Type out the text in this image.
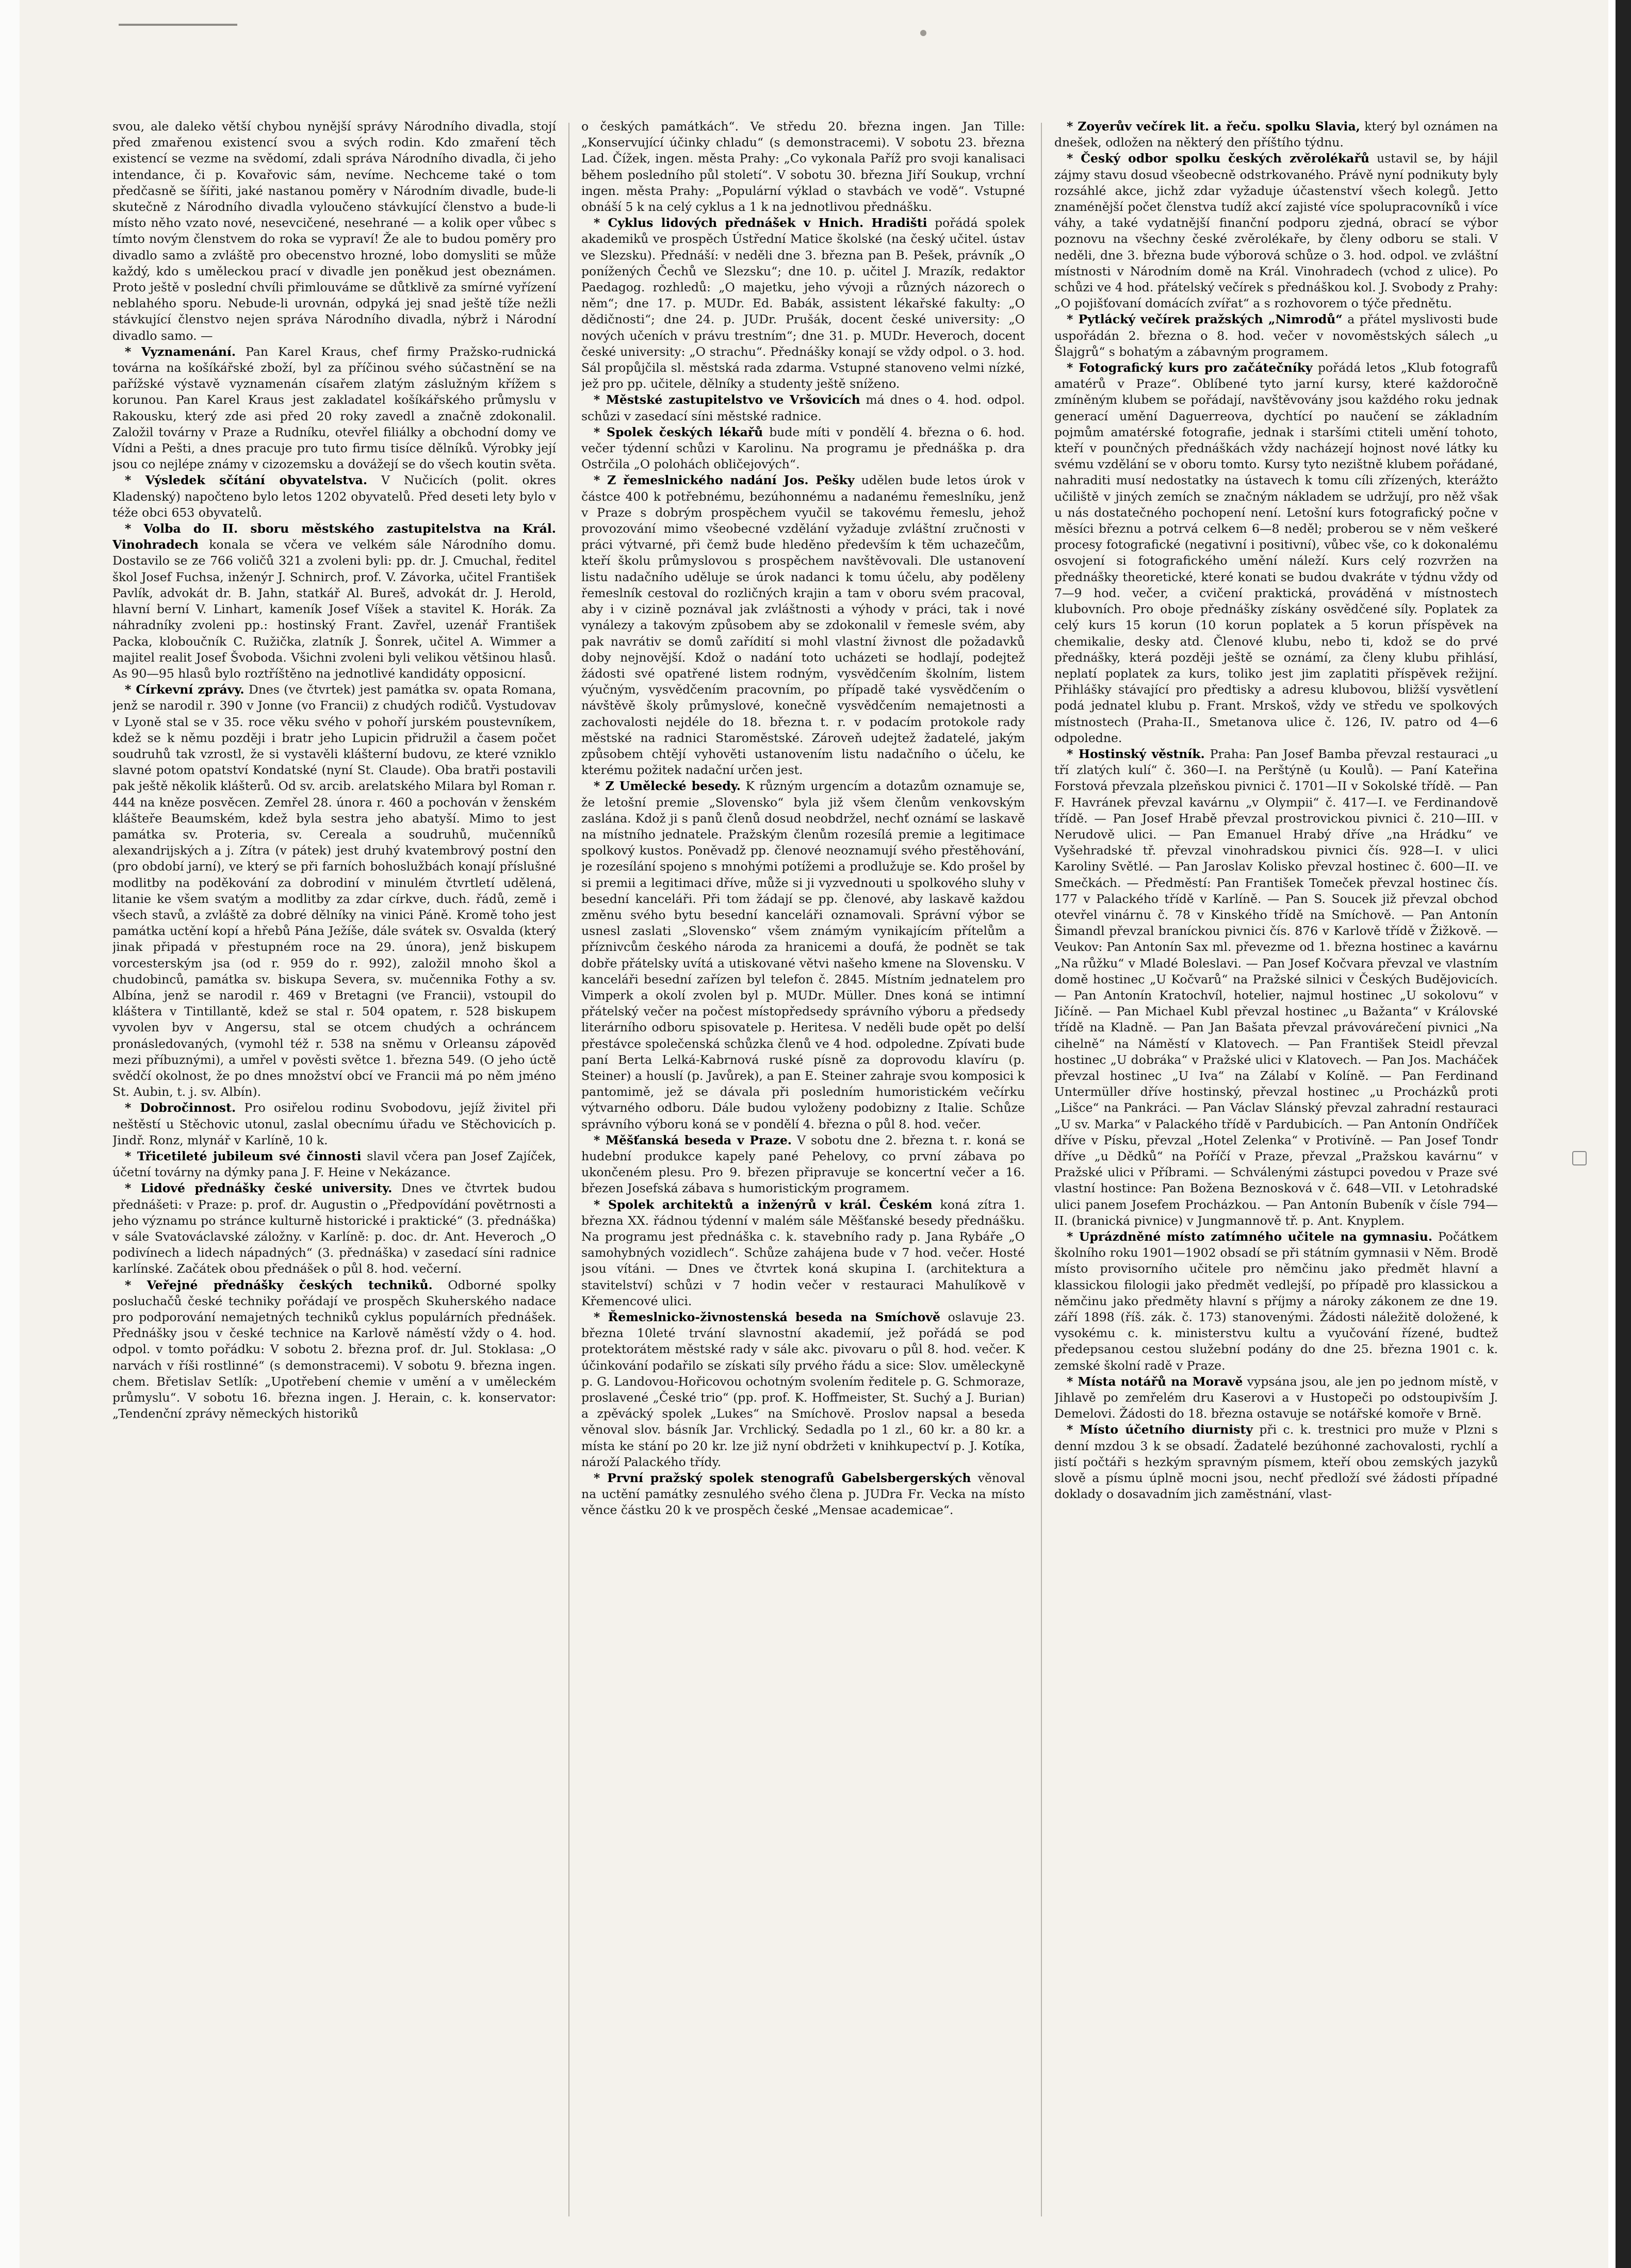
svou, ale daleko větší chybou nynější správy Národního divadla, stojí před zmařenou existencí svou a svých rodin. Kdo zmaření těch existencí se vezme na svědomí, zdali správa Národního divadla, či jeho intendance, či p. Kovařovic sám, nevíme. Nechceme také o tom předčasně se šířiti, jaké nastanou poměry v Národním divadle, bude-li skutečně z Národního divadla vyloučeno stávkující členstvo a bude-li místo něho vzato nové, nesevcičené, nesehrané — a kolik oper vůbec s tímto novým členstvem do roka se vypraví! Že ale to budou poměry pro divadlo samo a zvláště pro obecenstvo hrozné, lobo domysliti se může každý, kdo s uměleckou prací v divadle jen poněkud jest obeznámen. Proto ještě v poslední chvíli přimlouváme se důtklivě za smírné vyřízení neblahého sporu. Nebude-li urovnán, odpyká jej snad ještě tíže nežli stávkující členstvo nejen správa Národního divadla, nýbrž i Národní divadlo samo. —

* Vyznamenání. Pan Karel Kraus, chef firmy Pražsko-rudnická továrna na košíkářské zboží, byl za příčinou svého súčastnění se na pařížské výstavě vyznamenán císařem zlatým záslužným křížem s korunou. Pan Karel Kraus jest zakladatel košíkářského průmyslu v Rakousku, který zde asi před 20 roky zavedl a značně zdokonalil. Založil továrny v Praze a Rudníku, otevřel filiálky a obchodní domy ve Vídni a Pešti, a dnes pracuje pro tuto firmu tisíce dělníků. Výrobky její jsou co nejlépe známy v cizozemsku a dovážejí se do všech koutin světa.

* Výsledek sčítání obyvatelstva. V Nučicích (polit. okres Kladenský) napočteno bylo letos 1202 obyvatelů. Před deseti lety bylo v téže obci 653 obyvatelů.

* Volba do II. sboru městského zastupitelstva na Král. Vinohradech konala se včera ve velkém sále Národního domu. Dostavilo se ze 766 voličů 321 a zvoleni byli: pp. dr. J. Cmuchal, ředitel škol Josef Fuchsa, inženýr J. Schnirch, prof. V. Závorka, učitel František Pavlík, advokát dr. B. Jahn, statkář Al. Bureš, advokát dr. J. Herold, hlavní berní V. Linhart, kameník Josef Víšek a stavitel K. Horák. Za náhradníky zvoleni pp.: hostinský Frant. Zavřel, uzenář František Packa, kloboučník C. Ružička, zlatník J. Šonrek, učitel A. Wimmer a majitel realit Josef Švoboda. Všichni zvoleni byli velikou většinou hlasů. As 90—95 hlasů bylo roztříštěno na jednotlivé kandidáty opposicní.

* Církevní zprávy. Dnes (ve čtvrtek) jest památka sv. opata Romana, jenž se narodil r. 390 v Jonne (vo Francii) z chudých rodičů. Vystudovav v Lyoně stal se v 35. roce věku svého v pohoří jurském poustevníkem, kdež se k němu později i bratr jeho Lupicin přidružil a časem počet soudruhů tak vzrostl, že si vystavěli klášterní budovu, ze které vzniklo slavné potom opatství Kondatské (nyní St. Claude). Oba bratři postavili pak ještě několik klášterů. Od sv. arcib. arelatského Milara byl Roman r. 444 na kněze posvěcen. Zemřel 28. února r. 460 a pochován v ženském klášteře Beaumském, kdež byla sestra jeho abatyší. Mimo to jest památka sv. Proteria, sv. Cereala a soudruhů, mučenníků alexandrijských a j. Zítra (v pátek) jest druhý kvatembrový postní den (pro období jarní), ve který se při farních bohoslužbách konají příslušné modlitby na poděkování za dobrodiní v minulém čtvrtletí udělená, litanie ke všem svatým a modlitby za zdar církve, duch. řádů, země i všech stavů, a zvláště za dobré dělníky na vinici Páně. Kromě toho jest památka uctění kopí a hřebů Pána Ježíše, dále svátek sv. Osvalda (který jinak připadá v přestupném roce na 29. února), jenž biskupem vorcesterským jsa (od r. 959 do r. 992), založil mnoho škol a chudobinců, památka sv. biskupa Severa, sv. mučennika Fothy a sv. Albína, jenž se narodil r. 469 v Bretagni (ve Francii), vstoupil do kláštera v Tintillantě, kdež se stal r. 504 opatem, r. 528 biskupem vyvolen byv v Angersu, stal se otcem chudých a ochráncem pronásledovaných, (vymohl též r. 538 na sněmu v Orleansu zápověď mezi příbuznými), a umřel v pověsti světce 1. března 549. (O jeho úctě svědčí okolnost, že po dnes množství obcí ve Francii má po něm jméno St. Aubin, t. j. sv. Albín).

* Dobročinnost. Pro osiřelou rodinu Svobodovu, jejíž živitel při neštěstí u Stěchovic utonul, zaslal obecnímu úřadu ve Stěchovicích p. Jindř. Ronz, mlynář v Karlíně, 10 k.

* Třicetileté jubileum své činnosti slavil včera pan Josef Zajíček, účetní továrny na dýmky pana J. F. Heine v Nekázance.

* Lidové přednášky české university. Dnes ve čtvrtek budou přednášeti: v Praze: p. prof. dr. Augustin o „Předpovídání povětrnosti a jeho významu po stránce kulturně historické i praktické“ (3. přednáška) v sále Svatováclavské záložny. v Karlíně: p. doc. dr. Ant. Heveroch „O podivínech a lidech nápadných“ (3. přednáška) v zasedací síni radnice karlínské. Začátek obou přednášek o půl 8. hod. večerní.

* Veřejné přednášky českých techniků. Odborné spolky posluchačů české techniky pořádají ve prospěch Skuherského nadace pro podporování nemajetných techniků cyklus populárních přednášek. Přednášky jsou v české technice na Karlově náměstí vždy o 4. hod. odpol. v tomto pořádku: V sobotu 2. března prof. dr. Jul. Stoklasa: „O narvách v říši rostlinné“ (s demonstracemi). V sobotu 9. března ingen. chem. Břetislav Setlík: „Upotřebení chemie v umění a v uměleckém průmyslu“. V sobotu 16. března ingen. J. Herain, c. k. konservator: „Tendenční zprávy německých historiků

o českých památkách“. Ve středu 20. března ingen. Jan Tille: „Konservující účinky chladu“ (s demonstracemi). V sobotu 23. března Lad. Čížek, ingen. města Prahy: „Co vykonala Paříž pro svoji kanalisaci během posledního půl století“. V sobotu 30. března Jiří Soukup, vrchní ingen. města Prahy: „Populární výklad o stavbách ve vodě“. Vstupné obnáší 5 k na celý cyklus a 1 k na jednotlivou přednášku.

* Cyklus lidových přednášek v Hnich. Hradišti pořádá spolek akademiků ve prospěch Ústřední Matice školské (na český učitel. ústav ve Slezsku). Přednáší: v neděli dne 3. března pan B. Pešek, právník „O ponížených Čechů ve Slezsku“; dne 10. p. učitel J. Mrazík, redaktor Paedagog. rozhledů: „O majetku, jeho vývoji a různých názorech o něm“; dne 17. p. MUDr. Ed. Babák, assistent lékařské fakulty: „O dědičnosti“; dne 24. p. JUDr. Prušák, docent české university: „O nových učeních v právu trestním“; dne 31. p. MUDr. Heveroch, docent české university: „O strachu“. Přednášky konají se vždy odpol. o 3. hod. Sál propůjčila sl. městská rada zdarma. Vstupné stanoveno velmi nízké, jež pro pp. učitele, dělníky a studenty ještě sníženo.

* Městské zastupitelstvo ve Vršovicích má dnes o 4. hod. odpol. schůzi v zasedací síni městské radnice.

* Spolek českých lékařů bude míti v pondělí 4. března o 6. hod. večer týdenní schůzi v Karolinu. Na programu je přednáška p. dra Ostrčila „O polohách obličejových“.

* Z řemeslnického nadání Jos. Pešky udělen bude letos úrok v částce 400 k potřebnému, bezúhonnému a nadanému řemeslníku, jenž v Praze s dobrým prospěchem vyučil se takovému řemeslu, jehož provozování mimo všeobecné vzdělání vyžaduje zvláštní zručnosti v práci výtvarné, při čemž bude hleděno především k těm uchazečům, kteří školu průmyslovou s prospěchem navštěvovali. Dle ustanovení listu nadačního uděluje se úrok nadanci k tomu účelu, aby poděleny řemeslník cestoval do rozličných krajin a tam v oboru svém pracoval, aby i v cizině poznával jak zvláštnosti a výhody v práci, tak i nové vynálezy a takovým způsobem aby se zdokonalil v řemesle svém, aby pak navrátiv se domů zařídití si mohl vlastní živnost dle požadavků doby nejnovější. Kdož o nadání toto ucházeti se hodlají, podejtež žádosti své opatřené listem rodným, vysvědčením školním, listem výučným, vysvědčením pracovním, po případě také vysvědčením o návštěvě školy průmyslové, konečně vysvědčením nemajetnosti a zachovalosti nejdéle do 18. března t. r. v podacím protokole rady městské na radnici Staroměstské. Zároveň udejtež žadatelé, jakým způsobem chtějí vyhověti ustanovením listu nadačního o účelu, ke kterému požitek nadační určen jest.

* Z Umělecké besedy. K různým urgencím a dotazům oznamuje se, že letošní premie „Slovensko“ byla již všem členům venkovským zaslána. Kdož ji s panů členů dosud neobdržel, nechť oznámí se laskavě na místního jednatele. Pražským členům rozesílá premie a legitimace spolkový kustos. Poněvadž pp. členové neoznamují svého přestěhování, je rozesílání spojeno s mnohými potížemi a prodlužuje se. Kdo prošel by si premii a legitimaci dříve, může si ji vyzvednouti u spolkového sluhy v besední kanceláři. Při tom žádají se pp. členové, aby laskavě každou změnu svého bytu besední kanceláři oznamovali. Správní výbor se usnesl zaslati „Slovensko“ všem známým vynikajícím přítelům a příznivcům českého národa za hranicemi a doufá, že podnět se tak dobře přátelsky uvítá a utiskované větvi našeho kmene na Slovensku. V kanceláři besední zařízen byl telefon č. 2845. Místním jednatelem pro Vimperk a okolí zvolen byl p. MUDr. Müller. Dnes koná se intimní přátelský večer na počest místopředsedy správního výboru a předsedy literárního odboru spisovatele p. Heritesa. V neděli bude opět po delší přestávce společenská schůzka členů ve 4 hod. odpoledne. Zpívati bude paní Berta Lelká-Kabrnová ruské písně za doprovodu klavíru (p. Steiner) a houslí (p. Javůrek), a pan E. Steiner zahraje svou komposici k pantomimě, jež se dávala při posledním humoristickém večírku výtvarného odboru. Dále budou vyloženy podobizny z Italie. Schůze správního výboru koná se v pondělí 4. března o půl 8. hod. večer.

* Měšťanská beseda v Praze. V sobotu dne 2. března t. r. koná se hudební produkce kapely pané Pehelovy, co první zábava po ukončeném plesu. Pro 9. březen připravuje se koncertní večer a 16. březen Josefská zábava s humoristickým programem.

* Spolek architektů a inženýrů v král. Českém koná zítra 1. března XX. řádnou týdenní v malém sále Měšťanské besedy přednášku. Na programu jest přednáška c. k. stavebního rady p. Jana Rybáře „O samohybných vozidlech“. Schůze zahájena bude v 7 hod. večer. Hosté jsou vítáni. — Dnes ve čtvrtek koná skupina I. (architektura a stavitelství) schůzi v 7 hodin večer v restauraci Mahulíkově v Křemencové ulici.

* Řemeslnicko-živnostenská beseda na Smíchově oslavuje 23. března 10leté trvání slavnostní akademií, jež pořádá se pod protektorátem městské rady v sále akc. pivovaru o půl 8. hod. večer. K účinkování podařilo se získati síly prvého řádu a sice: Slov. uměleckyně p. G. Landovou-Hořicovou ochotným svolením ředitele p. G. Schmoraze, proslavené „České trio“ (pp. prof. K. Hoffmeister, St. Suchý a J. Burian) a zpěvácký spolek „Lukes“ na Smíchově. Proslov napsal a beseda věnoval slov. básník Jar. Vrchlický. Sedadla po 1 zl., 60 kr. a 80 kr. a místa ke stání po 20 kr. lze již nyní obdržeti v knihkupectví p. J. Kotíka, nároží Palackého třídy.

* První pražský spolek stenografů Gabelsbergerských věnoval na uctění památky zesnulého svého člena p. JUDra Fr. Vecka na místo věnce částku 20 k ve prospěch české „Mensae academicae“.

* Zoyerův večírek lit. a řeču. spolku Slavia, který byl oznámen na dnešek, odložen na některý den příštího týdnu.

* Český odbor spolku českých zvěrolékařů ustavil se, by hájil zájmy stavu dosud všeobecně odstrkovaného. Právě nyní podnikuty byly rozsáhlé akce, jichž zdar vyžaduje účastenství všech kolegů. Jetto znaménější počet členstva tudíž akcí zajisté více spolupracovníků i více váhy, a také vydatnější finanční podporu zjedná, obrací se výbor poznovu na všechny české zvěrolékaře, by členy odboru se stali. V neděli, dne 3. března bude výborová schůze o 3. hod. odpol. ve zvláštní místnosti v Národním domě na Král. Vinohradech (vchod z ulice). Po schůzi ve 4 hod. přátelský večírek s přednáškou kol. J. Svobody z Prahy: „O pojišťovaní domácích zvířat“ a s rozhovorem o týče přednětu.

* Pytlácký večírek pražských „Nimrodů“ a přátel myslivosti bude uspořádán 2. března o 8. hod. večer v novoměstských sálech „u Šlajgrů“ s bohatým a zábavným programem.

* Fotografický kurs pro začátečníky pořádá letos „Klub fotografů amatérů v Praze“. Oblíbené tyto jarní kursy, které každoročně zmíněným klubem se pořádají, navštěvovány jsou každého roku jednak generací umění Daguerreova, dychtící po naučení se základním pojmům amatérské fotografie, jednak i staršími ctiteli umění tohoto, kteří v pounčných přednáškách vždy nacházejí hojnost nové látky ku svému vzdělání se v oboru tomto. Kursy tyto nezištně klubem pořádané, nahraditi musí nedostatky na ústavech k tomu cíli zřízených, kterážto učiliště v jiných zemích se značným nákladem se udržují, pro něž však u nás dostatečného pochopení není. Letošní kurs fotografický počne v měsíci březnu a potrvá celkem 6—8 neděl; proberou se v něm veškeré procesy fotografické (negativní i positivní), vůbec vše, co k dokonalému osvojení si fotografického umění náleží. Kurs celý rozvržen na přednášky theoretické, které konati se budou dvakráte v týdnu vždy od 7—9 hod. večer, a cvičení praktická, prováděná v místnostech klubovních. Pro oboje přednášky získány osvědčené síly. Poplatek za celý kurs 15 korun (10 korun poplatek a 5 korun příspěvek na chemikalie, desky atd. Členové klubu, nebo ti, kdož se do prvé přednášky, která později ještě se oznámí, za členy klubu přihlásí, neplatí poplatek za kurs, toliko jest jim zaplatiti příspěvek režijní. Přihlášky stávající pro předtisky a adresu klubovou, bližší vysvětlení podá jednatel klubu p. Frant. Mrskoš, vždy ve středu ve spolkových místnostech (Praha-II., Smetanova ulice č. 126, IV. patro od 4—6 odpoledne.

* Hostinský věstník. Praha: Pan Josef Bamba převzal restauraci „u tří zlatých kulí“ č. 360—I. na Perštýně (u Koulů). — Paní Kateřina Forstová převzala plzeňskou pivnici č. 1701—II v Sokolské třídě. — Pan F. Havránek převzal kavárnu „v Olympii“ č. 417—I. ve Ferdinandově třídě. — Pan Josef Hrabě převzal prostrovickou pivnici č. 210—III. v Nerudově ulici. — Pan Emanuel Hrabý dříve „na Hrádku“ ve Vyšehradské tř. převzal vinohradskou pivnici čís. 928—I. v ulici Karoliny Světlé. — Pan Jaroslav Kolisko převzal hostinec č. 600—II. ve Smečkách. — Předměstí: Pan František Tomeček převzal hostinec čís. 177 v Palackého třídě v Karlíně. — Pan S. Soucek již převzal obchod otevřel vinárnu č. 78 v Kinského třídě na Smíchově. — Pan Antonín Šimandl převzal braníckou pivnici čís. 876 v Karlově třídě v Žižkově. — Veukov: Pan Antonín Sax ml. převezme od 1. března hostinec a kavárnu „Na růžku“ v Mladé Boleslavi. — Pan Josef Kočvara převzal ve vlastním domě hostinec „U Kočvarů“ na Pražské silnici v Českých Budějovicích. — Pan Antonín Kratochvíl, hotelier, najmul hostinec „U sokolovu“ v Jičíně. — Pan Michael Kubl převzal hostinec „u Bažanta“ v Královské třídě na Kladně. — Pan Jan Bašata převzal právovárečení pivnici „Na cihelně“ na Náměstí v Klatovech. — Pan František Steidl převzal hostinec „U dobráka“ v Pražské ulici v Klatovech. — Pan Jos. Macháček převzal hostinec „U Iva“ na Zálabí v Kolíně. — Pan Ferdinand Untermüller dříve hostinský, převzal hostinec „u Procházků proti „Lišce“ na Pankráci. — Pan Václav Slánský převzal zahradní restauraci „U sv. Marka“ v Palackého třídě v Pardubicích. — Pan Antonín Ondříček dříve v Písku, převzal „Hotel Zelenka“ v Protivíně. — Pan Josef Tondr dříve „u Dědků“ na Poříčí v Praze, převzal „Pražskou kavárnu“ v Pražské ulici v Příbrami. — Schválenými zástupci povedou v Praze své vlastní hostince: Pan Božena Beznosková v č. 648—VII. v Letohradské ulici panem Josefem Procházkou. — Pan Antonín Bubeník v čísle 794—II. (branická pivnice) v Jungmannově tř. p. Ant. Knyplem.

* Uprázdněné místo zatímného učitele na gymnasiu. Počátkem školního roku 1901—1902 obsadí se při státním gymnasii v Něm. Brodě místo provisorního učitele pro němčinu jako předmět hlavní a klassickou filologii jako předmět vedlejší, po případě pro klassickou a němčinu jako předměty hlavní s příjmy a nároky zákonem ze dne 19. září 1898 (říš. zák. č. 173) stanovenými. Žádosti náležitě doložené, k vysokému c. k. ministerstvu kultu a vyučování řízené, budtež předepsanou cestou služební podány do dne 25. března 1901 c. k. zemské školní radě v Praze.

* Místa notářů na Moravě vypsána jsou, ale jen po jednom místě, v Jihlavě po zemřelém dru Kaserovi a v Hustopeči po odstoupivším J. Demelovi. Žádosti do 18. března ostavuje se notářské komoře v Brně.

* Místo účetního diurnisty při c. k. trestnici pro muže v Plzni s denní mzdou 3 k se obsadí. Žadatelé bezúhonné zachovalosti, rychlí a jistí počtáři s hezkým spravným písmem, kteří obou zemských jazyků slově a písmu úplně mocni jsou, nechť předloží své žádosti případné doklady o dosavadním jich zaměstnání, vlast-
